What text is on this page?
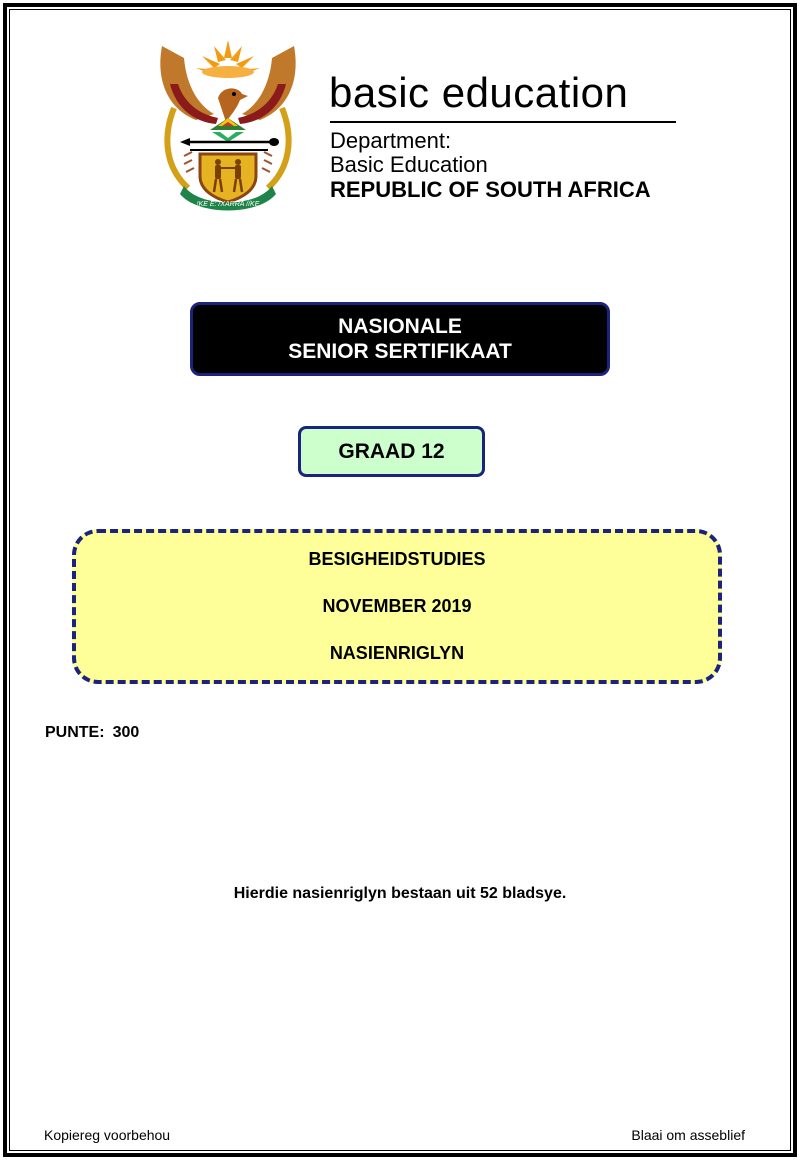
!KE E: /XARRA //KE
basic education
Department:
Basic Education
REPUBLIC OF SOUTH AFRICA
NASIONALE
SENIOR SERTIFIKAAT
GRAAD 12
BESIGHEIDSTUDIES
NOVEMBER 2019
NASIENRIGLYN
PUNTE: 300
Hierdie nasienriglyn bestaan uit 52 bladsye.
Kopiereg voorbehou	Blaai om asseblief
